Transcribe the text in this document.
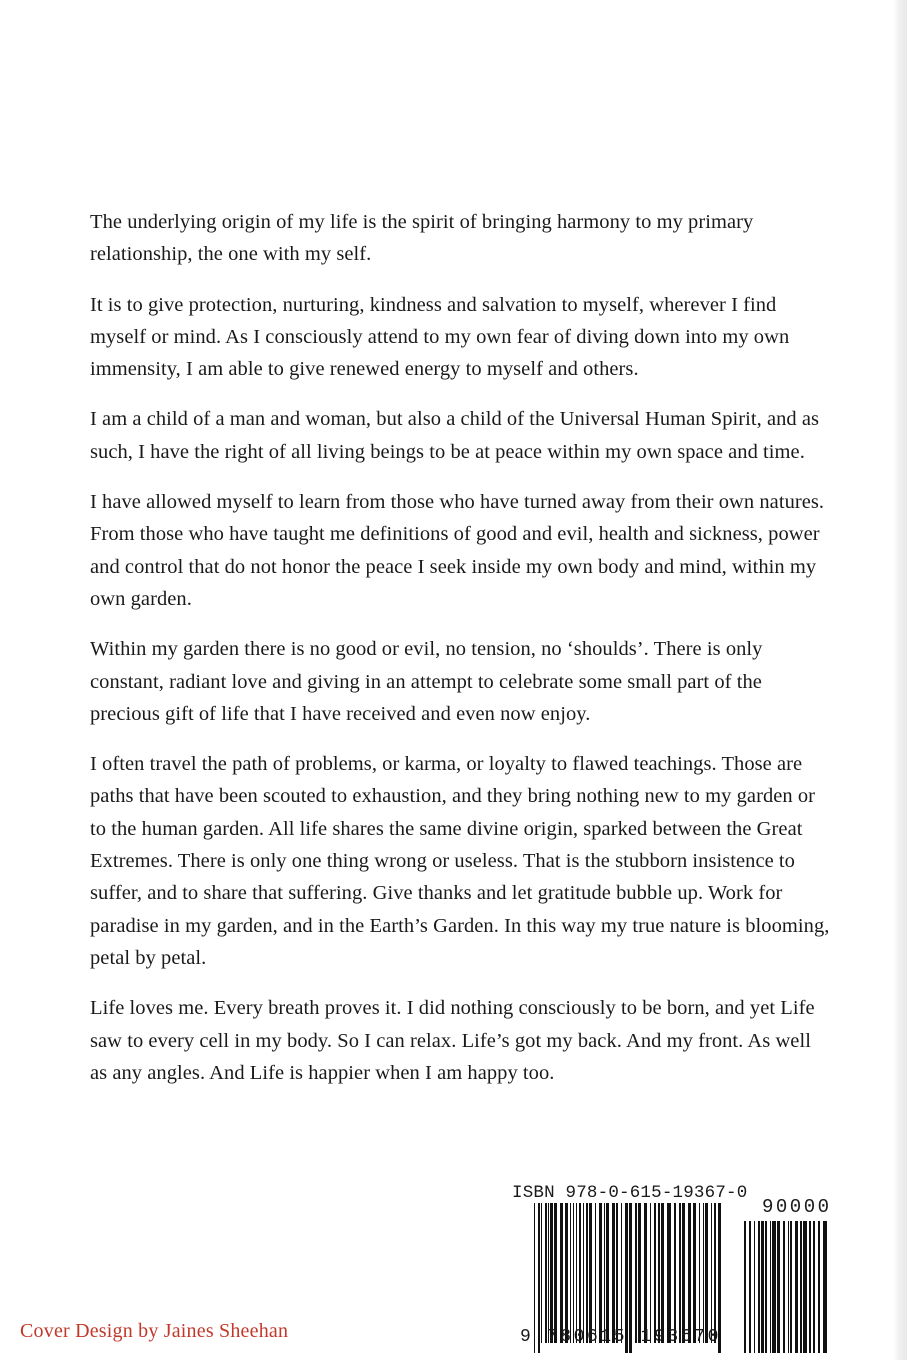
The underlying origin of my life is the spirit of bringing harmony to my primary relationship, the one with my self.

It is to give protection, nurturing, kindness and salvation to myself, wherever I find myself or mind. As I consciously attend to my own fear of diving down into my own immensity, I am able to give renewed energy to myself and others.

I am a child of a man and woman, but also a child of the Universal Human Spirit, and as such, I have the right of all living beings to be at peace within my own space and time.

I have allowed myself to learn from those who have turned away from their own natures. From those who have taught me definitions of good and evil, health and sickness, power and control that do not honor the peace I seek inside my own body and mind, within my own garden.

Within my garden there is no good or evil, no tension, no ‘shoulds’. There is only constant, radiant love and giving in an attempt to celebrate some small part of the precious gift of life that I have received and even now enjoy.

I often travel the path of problems, or karma, or loyalty to flawed teachings. Those are paths that have been scouted to exhaustion, and they bring nothing new to my garden or to the human garden. All life shares the same divine origin, sparked between the Great Extremes. There is only one thing wrong or useless. That is the stubborn insistence to suffer, and to share that suffering. Give thanks and let gratitude bubble up. Work for paradise in my garden, and in the Earth’s Garden. In this way my true nature is blooming, petal by petal.

Life loves me. Every breath proves it. I did nothing consciously to be born, and yet Life saw to every cell in my body. So I can relax. Life’s got my back. And my front. As well as any angles. And Life is happier when I am happy too.

ISBN 978-0-615-19367-0
90000
9 780615 193670
Cover Design by Jaines Sheehan
